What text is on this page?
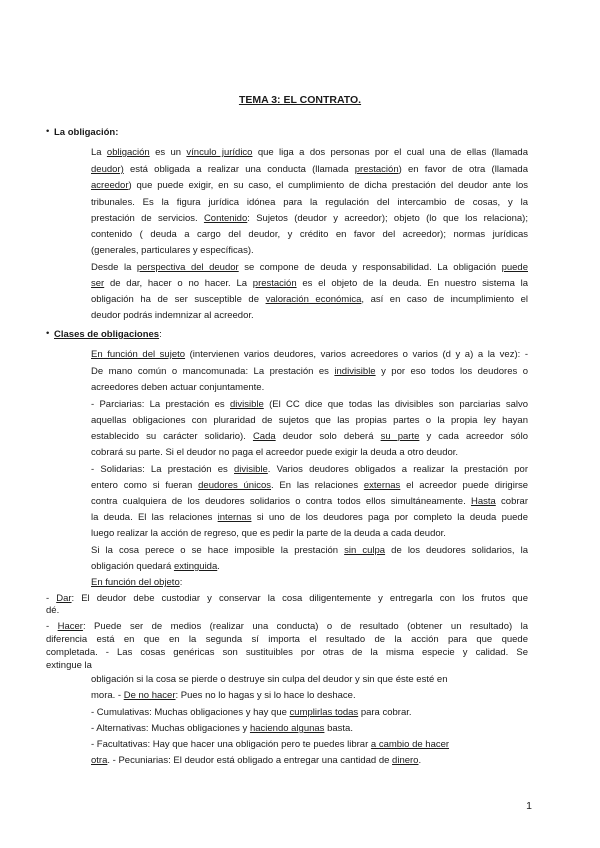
TEMA 3: EL CONTRATO.
• La obligación:
La obligación es un vínculo jurídico que liga a dos personas por el cual una de ellas (llamada
deudor) está obligada a realizar una conducta (llamada prestación) en favor de otra (llamada
acreedor) que puede exigir, en su caso, el cumplimiento de dicha prestación del deudor ante los
tribunales. Es la figura jurídica idónea para la regulación del intercambio de cosas, y la
prestación de servicios. Contenido: Sujetos (deudor y acreedor); objeto (lo que los relaciona);
contenido ( deuda a cargo del deudor, y crédito en favor del acreedor); normas jurídicas
(generales, particulares y específicas).
Desde la perspectiva del deudor se compone de deuda y responsabilidad. La obligación puede
ser de dar, hacer o no hacer. La prestación es el objeto de la deuda. En nuestro sistema la
obligación ha de ser susceptible de valoración económica, así en caso de incumplimiento el
deudor podrás indemnizar al acreedor.
• Clases de obligaciones:
En función del sujeto (intervienen varios deudores, varios acreedores o varios (d y a) a la vez): -
De mano común o mancomunada: La prestación es indivisible y por eso todos los deudores o
acreedores deben actuar conjuntamente.
- Parciarias: La prestación es divisible (El CC dice que todas las divisibles son parciarias salvo
aquellas obligaciones con pluraridad de sujetos que las propias partes o la propia ley hayan
establecido su carácter solidario). Cada deudor solo deberá su parte y cada acreedor sólo
cobrará su parte. Si el deudor no paga el acreedor puede exigir la deuda a otro deudor.
- Solidarias: La prestación es divisible. Varios deudores obligados a realizar la prestación por
entero como si fueran deudores únicos. En las relaciones externas el acreedor puede dirigirse
contra cualquiera de los deudores solidarios o contra todos ellos simultáneamente. Hasta cobrar
la deuda. El las relaciones internas si uno de los deudores paga por completo la deuda puede
luego realizar la acción de regreso, que es pedir la parte de la deuda a cada deudor.
Si la cosa perece o se hace imposible la prestación sin culpa de los deudores solidarios, la
obligación quedará extinguida.
En función del objeto:
- Dar: El deudor debe custodiar y conservar la cosa diligentemente y entregarla con los frutos que
dé.
- Hacer: Puede ser de medios (realizar una conducta) o de resultado (obtener un resultado) la
diferencia está en que en la segunda sí importa el resultado de la acción para que quede
completada. - Las cosas genéricas son sustituibles por otras de la misma especie y calidad. Se
extingue la
obligación si la cosa se pierde o destruye sin culpa del deudor y sin que éste esté en
mora. - De no hacer: Pues no lo hagas y si lo hace lo deshace.
- Cumulativas: Muchas obligaciones y hay que cumplirlas todas para cobrar.
- Alternativas: Muchas obligaciones y haciendo algunas basta.
- Facultativas: Hay que hacer una obligación pero te puedes librar a cambio de hacer
otra. - Pecuniarias: El deudor está obligado a entregar una cantidad de dinero.
1
